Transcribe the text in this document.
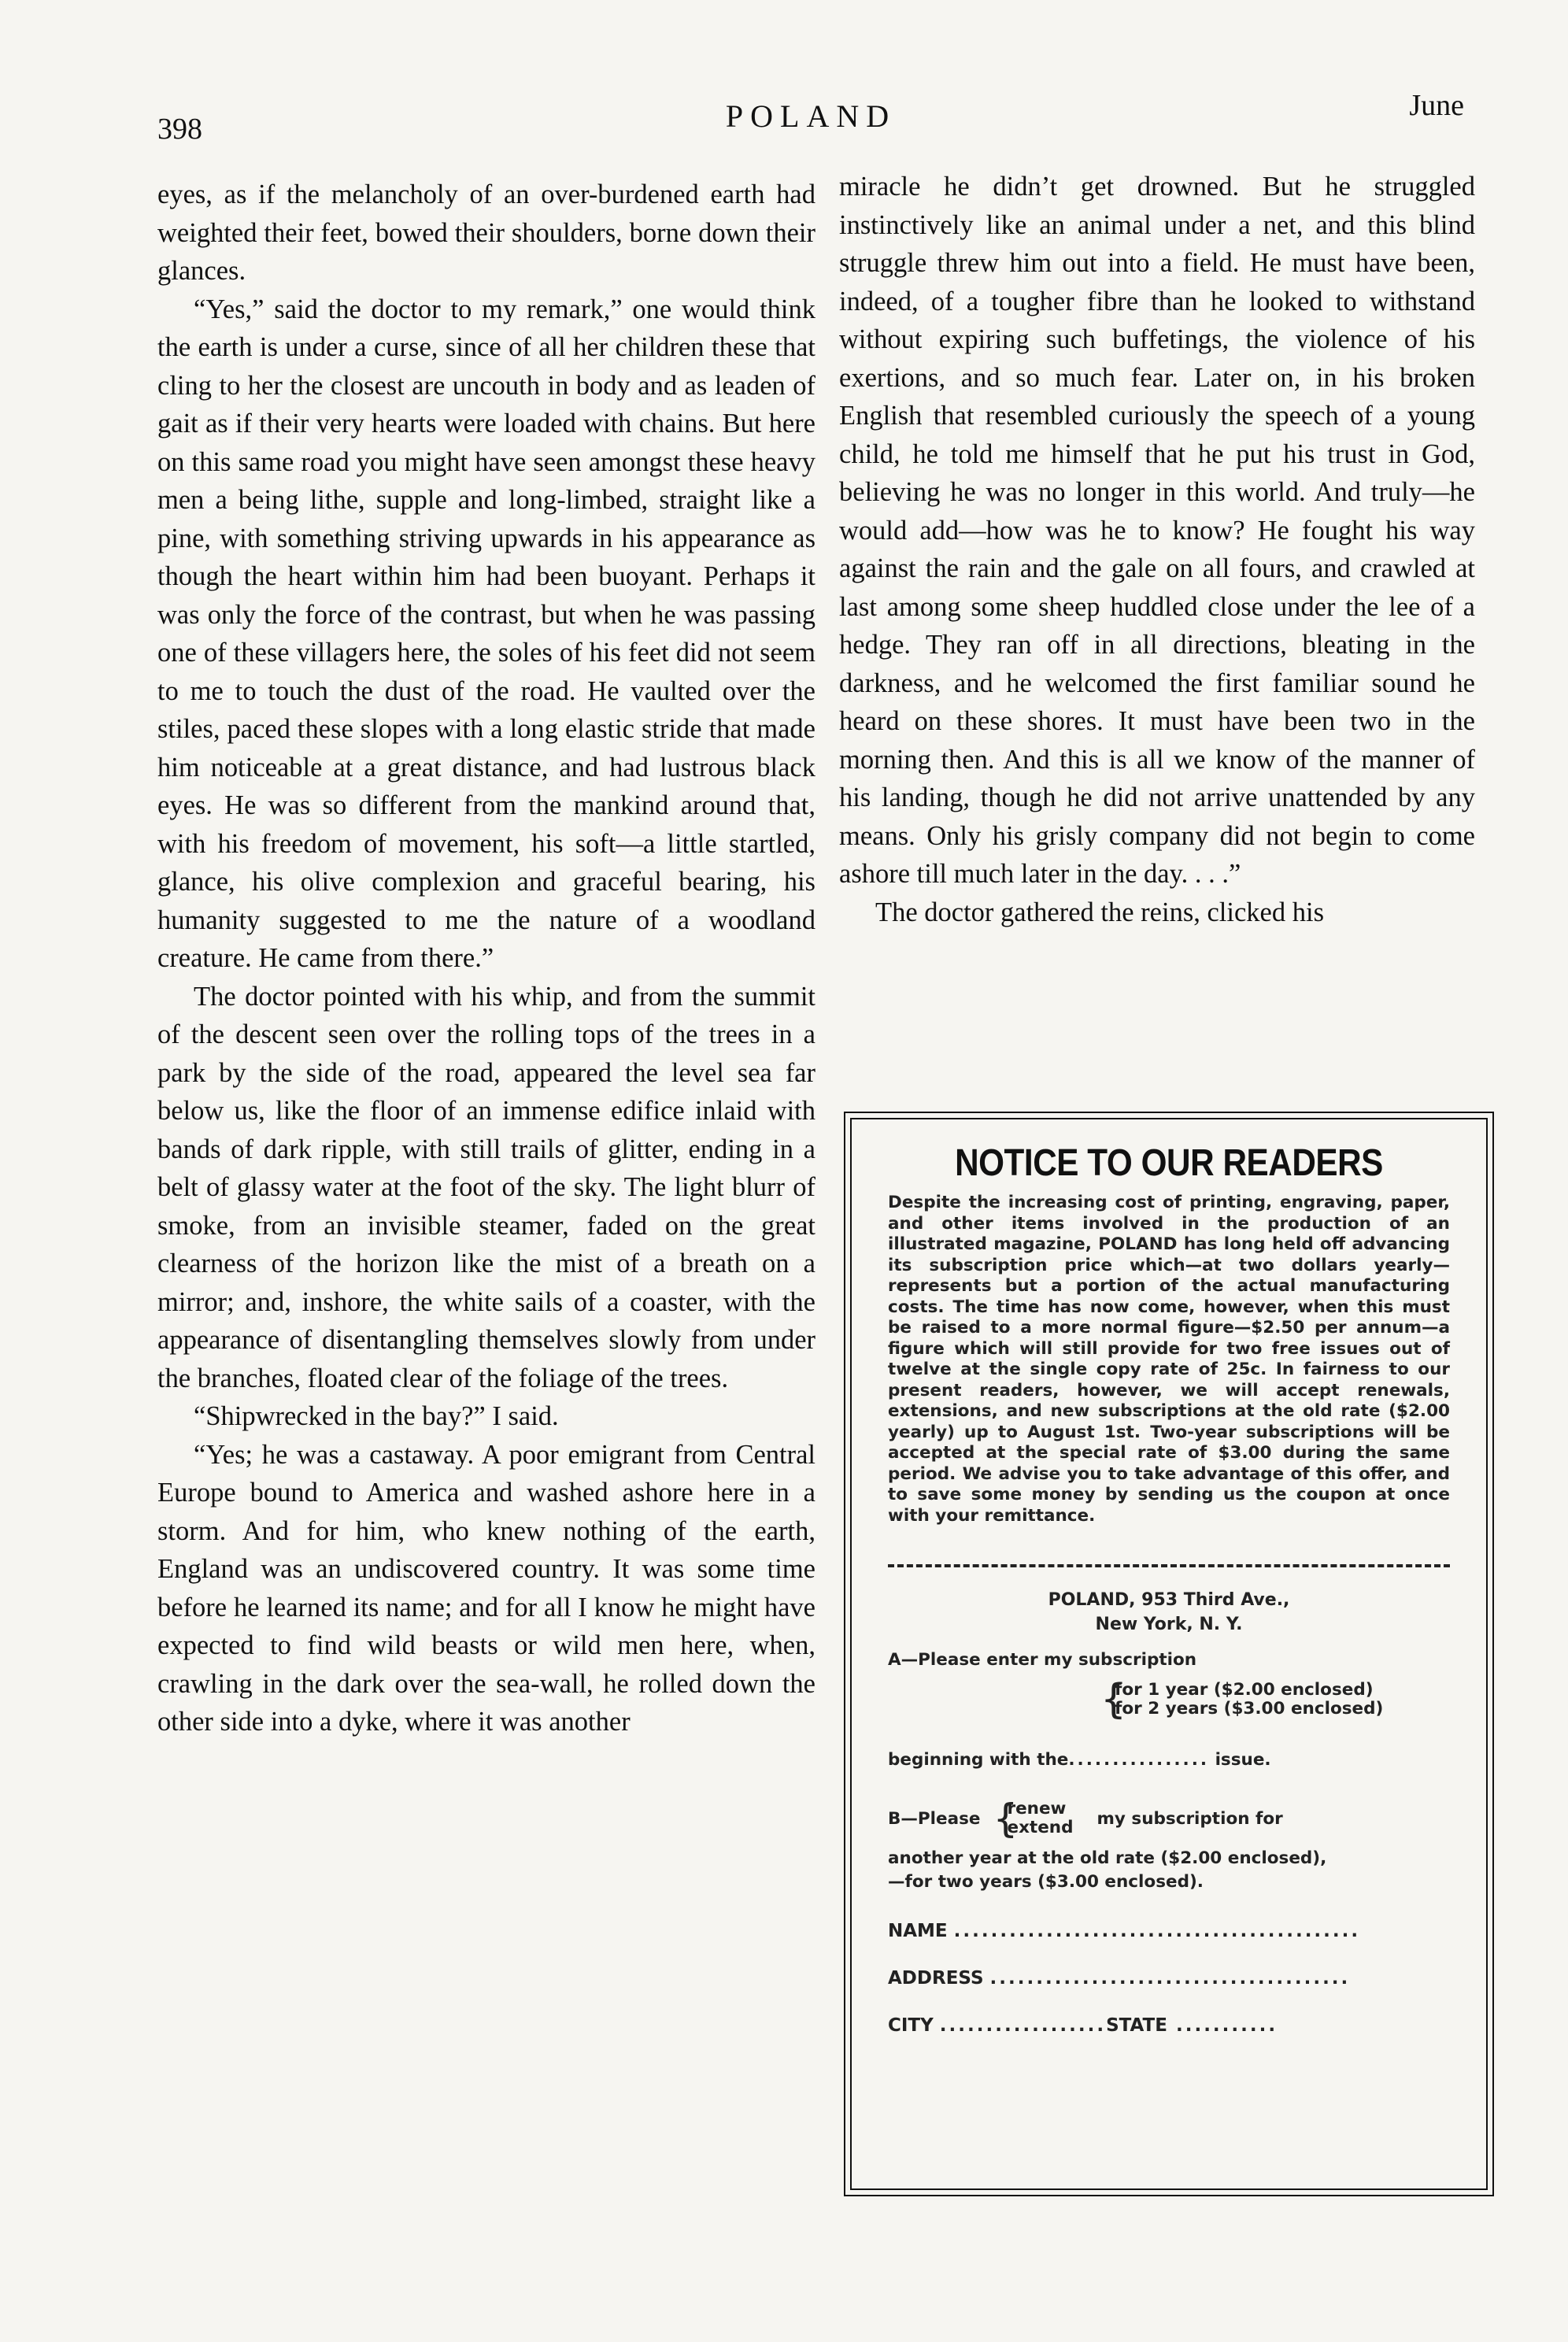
398	POLAND	June

eyes, as if the melancholy of an over-burdened earth had weighted their feet, bowed their shoulders, borne down their glances.

“Yes,” said the doctor to my remark,” one would think the earth is under a curse, since of all her children these that cling to her the closest are uncouth in body and as leaden of gait as if their very hearts were loaded with chains. But here on this same road you might have seen amongst these heavy men a being lithe, supple and long-limbed, straight like a pine, with something striving upwards in his appearance as though the heart within him had been buoyant. Perhaps it was only the force of the contrast, but when he was passing one of these villagers here, the soles of his feet did not seem to me to touch the dust of the road. He vaulted over the stiles, paced these slopes with a long elastic stride that made him noticeable at a great distance, and had lustrous black eyes. He was so different from the mankind around that, with his freedom of movement, his soft—a little startled, glance, his olive complexion and graceful bearing, his humanity suggested to me the nature of a woodland creature. He came from there.”

The doctor pointed with his whip, and from the summit of the descent seen over the rolling tops of the trees in a park by the side of the road, appeared the level sea far below us, like the floor of an immense edifice inlaid with bands of dark ripple, with still trails of glitter, ending in a belt of glassy water at the foot of the sky. The light blurr of smoke, from an invisible steamer, faded on the great clearness of the horizon like the mist of a breath on a mirror; and, inshore, the white sails of a coaster, with the appearance of disentangling themselves slowly from under the branches, floated clear of the foliage of the trees.

“Shipwrecked in the bay?” I said.

“Yes; he was a castaway. A poor emigrant from Central Europe bound to America and washed ashore here in a storm. And for him, who knew nothing of the earth, England was an undiscovered country. It was some time before he learned its name; and for all I know he might have expected to find wild beasts or wild men here, when, crawling in the dark over the sea-wall, he rolled down the other side into a dyke, where it was another

miracle he didn’t get drowned. But he struggled instinctively like an animal under a net, and this blind struggle threw him out into a field. He must have been, indeed, of a tougher fibre than he looked to withstand without expiring such buffetings, the violence of his exertions, and so much fear. Later on, in his broken English that resembled curiously the speech of a young child, he told me himself that he put his trust in God, believing he was no longer in this world. And truly—he would add—how was he to know? He fought his way against the rain and the gale on all fours, and crawled at last among some sheep huddled close under the lee of a hedge. They ran off in all directions, bleating in the darkness, and he welcomed the first familiar sound he heard on these shores. It must have been two in the morning then. And this is all we know of the manner of his landing, though he did not arrive unattended by any means. Only his grisly company did not begin to come ashore till much later in the day. . . .”

The doctor gathered the reins, clicked his

NOTICE TO OUR READERS
Despite the increasing cost of printing, engraving, paper, and other items involved in the production of an illustrated magazine, POLAND has long held off advancing its subscription price which—at two dollars yearly—represents but a portion of the actual manufacturing costs. The time has now come, however, when this must be raised to a more normal figure—$2.50 per annum—a figure which will still provide for two free issues out of twelve at the single copy rate of 25c. In fairness to our present readers, however, we will accept renewals, extensions, and new subscriptions at the old rate ($2.00 yearly) up to August 1st. Two-year subscriptions will be accepted at the special rate of $3.00 during the same period. We advise you to take advantage of this offer, and to save some money by sending us the coupon at once with your remittance.
POLAND, 953 Third Ave.,
New York, N. Y.
A—Please enter my subscription
{
for 1 year ($2.00 enclosed)
for 2 years ($3.00 enclosed)
beginning with the................ issue.
B—Please {
renew
extend my subscription for
another year at the old rate ($2.00 enclosed),
—for two years ($3.00 enclosed).
NAME ............................................
ADDRESS .......................................
CITY ..................STATE ...........
